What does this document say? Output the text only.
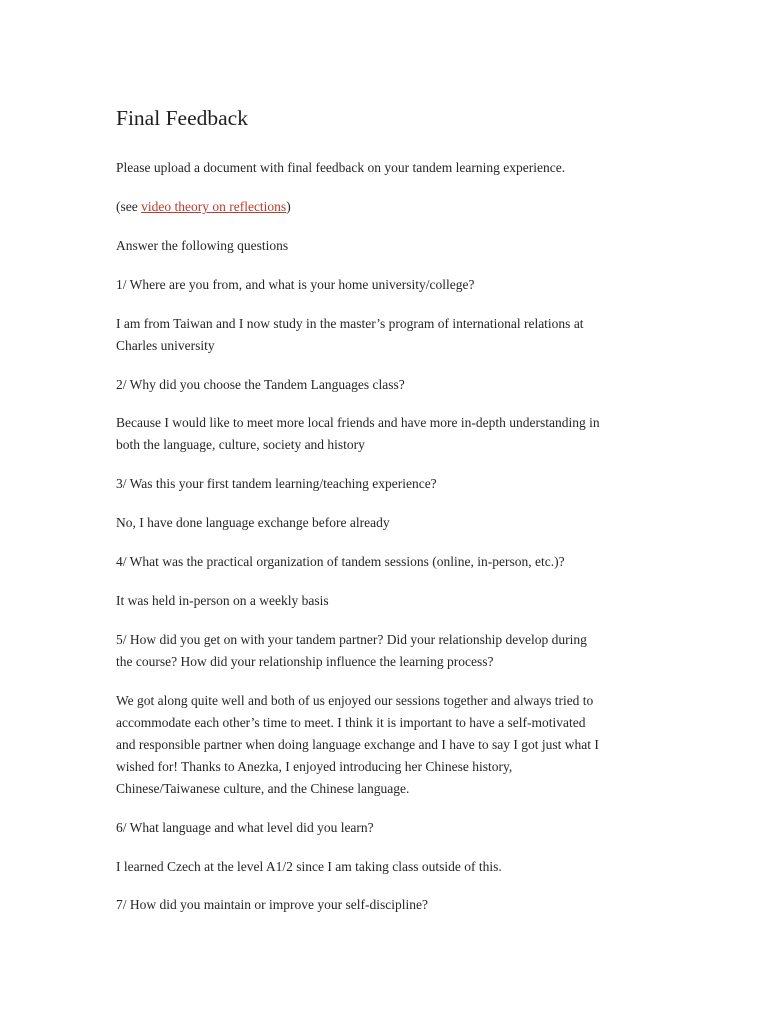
Final Feedback

Please upload a document with final feedback on your tandem learning experience.

(see video theory on reflections)

Answer the following questions

1/ Where are you from, and what is your home university/college?

I am from Taiwan and I now study in the master’s program of international relations at
Charles university

2/ Why did you choose the Tandem Languages class?

Because I would like to meet more local friends and have more in-depth understanding in
both the language, culture, society and history

3/ Was this your first tandem learning/teaching experience?

No, I have done language exchange before already

4/ What was the practical organization of tandem sessions (online, in-person, etc.)?

It was held in-person on a weekly basis

5/ How did you get on with your tandem partner? Did your relationship develop during
the course? How did your relationship influence the learning process?

We got along quite well and both of us enjoyed our sessions together and always tried to
accommodate each other’s time to meet. I think it is important to have a self-motivated
and responsible partner when doing language exchange and I have to say I got just what I
wished for! Thanks to Anezka, I enjoyed introducing her Chinese history,
Chinese/Taiwanese culture, and the Chinese language.

6/ What language and what level did you learn?

I learned Czech at the level A1/2 since I am taking class outside of this.

7/ How did you maintain or improve your self-discipline?
